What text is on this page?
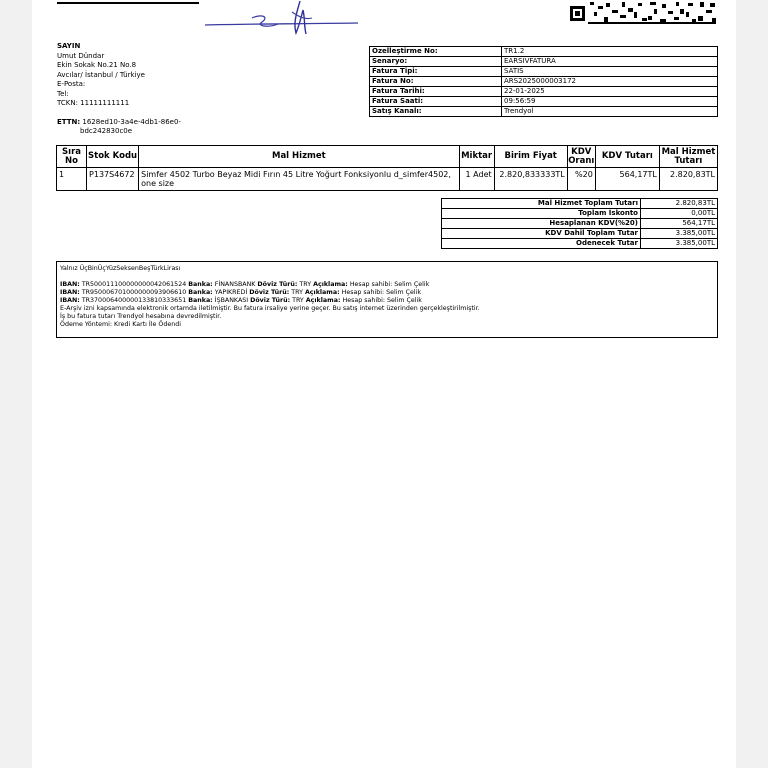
SAYIN
Umut Dündar
Ekin Sokak No.21 No.8
Avcılar/ İstanbul / Türkiye
E-Posta:
Tel:
TCKN: 11111111111
ETTN: 1628ed10-3a4e-4db1-86e0-
bdc242830c0e
Özelleştirme No:	TR1.2
Senaryo:	EARSIVFATURA
Fatura Tipi:	SATIS
Fatura No:	ARS2025000003172
Fatura Tarihi:	22-01-2025
Fatura Saati:	09:56:59
Satış Kanalı:	Trendyol
Sıra No	Stok Kodu	Mal Hizmet	Miktar	Birim Fiyat	KDV Oranı	KDV Tutarı	Mal Hizmet Tutarı
1	P137S4672	Simfer 4502 Turbo Beyaz Midi Fırın 45 Litre Yoğurt Fonksiyonlu d_simfer4502, one size	1 Adet	2.820,833333TL	%20	564,17TL	2.820,83TL
Mal Hizmet Toplam Tutarı	2.820,83TL
Toplam İskonto	0,00TL
Hesaplanan KDV(%20)	564,17TL
KDV Dahil Toplam Tutar	3.385,00TL
Ödenecek Tutar	3.385,00TL
Yalnız ÜçBinÜçYüzSeksenBeşTürkLirası
IBAN: TR500011100000000042061524 Banka: FİNANSBANK Döviz Türü: TRY Açıklama: Hesap sahibi: Selim Çelik
IBAN: TR950006701000000093906610 Banka: YAPIKREDİ Döviz Türü: TRY Açıklama: Hesap sahibi: Selim Çelik
IBAN: TR370006400000133810333651 Banka: İŞBANKASI Döviz Türü: TRY Açıklama: Hesap sahibi: Selim Çelik
E-Arşiv izni kapsamında elektronik ortamda iletilmiştir. Bu fatura irsaliye yerine geçer. Bu satış internet üzerinden gerçekleştirilmiştir.
İş bu fatura tutarı Trendyol hesabına devredilmiştir.
Ödeme Yöntemi: Kredi Kartı İle Ödendi
